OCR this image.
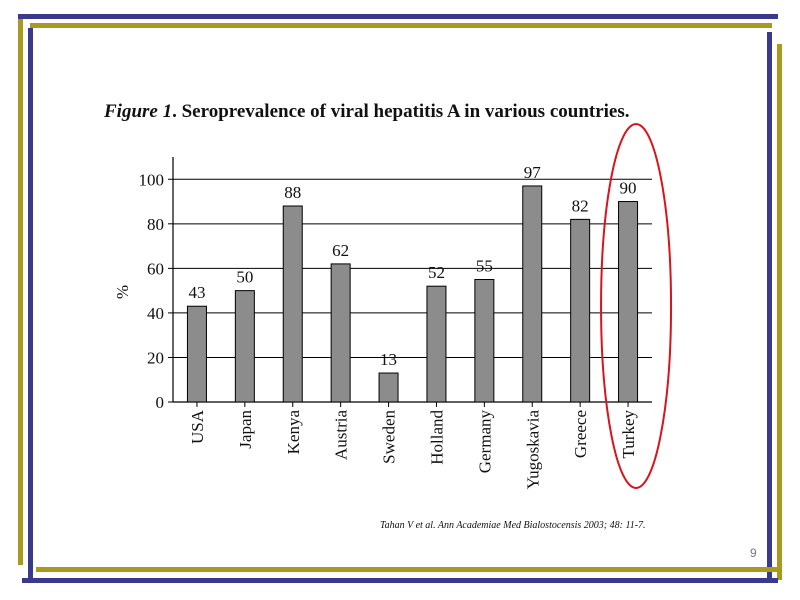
Figure 1. Seroprevalence of viral hepatitis A in various countries.
0
20
40
60
80
100
%	43
USA
50
Japan
88
Kenya
62
Austria
13
Sweden
52
Holland
55
Germany
97
Yugoskavia
82
Greece
90
Turkey
Tahan V et al. Ann Academiae Med Bialostocensis 2003; 48: 11-7.
9
